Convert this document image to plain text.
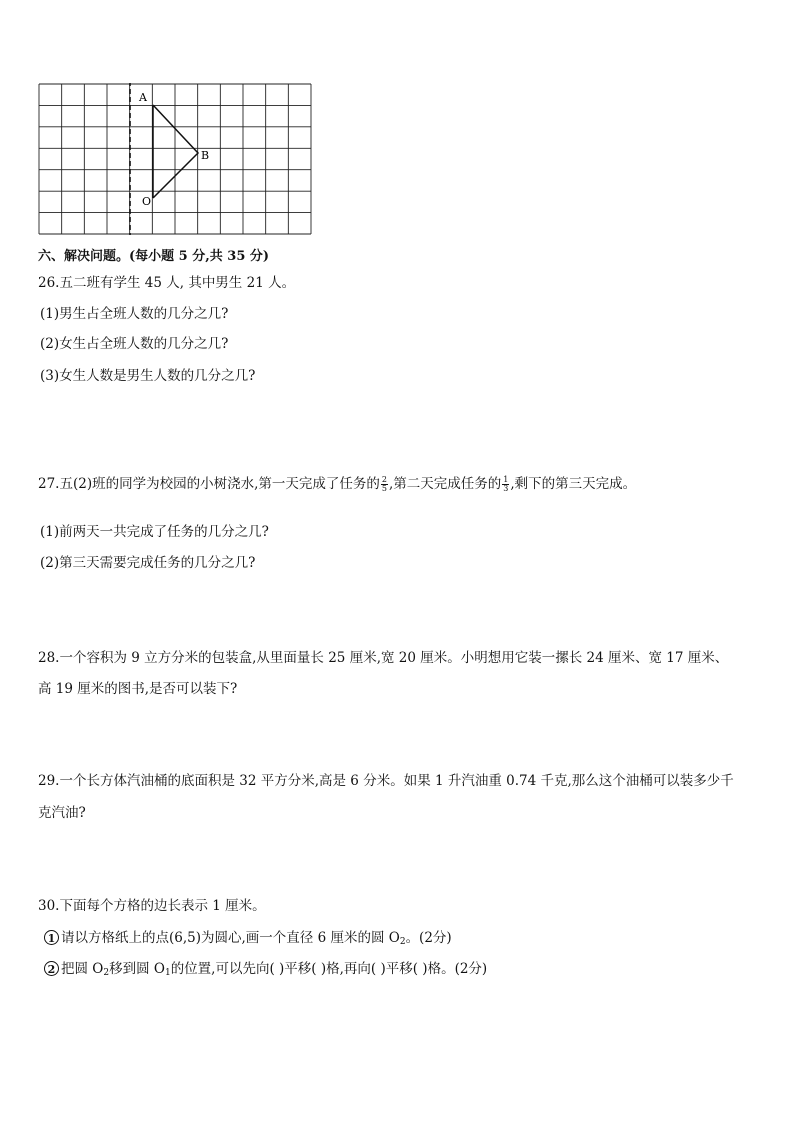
A
B
O
六、解决问题。(每小题 5 分,共 35 分)
26.五二班有学生 45 人, 其中男生 21 人。
(1)男生占全班人数的几分之几?
(2)女生占全班人数的几分之几?
(3)女生人数是男生人数的几分之几?
27.五(2)班的同学为校园的小树浇水,第一天完成了任务的 $\frac{2}{5}$ ,第二天完成任务的 $\frac{1}{3}$ ,剩下的第三天完成。
(1)前两天一共完成了任务的几分之几?
(2)第三天需要完成任务的几分之几?
28.一个容积为 9 立方分米的包装盒,从里面量长 25 厘米,宽 20 厘米。小明想用它装一摞长 24 厘米、宽 17 厘米、
高 19 厘米的图书,是否可以装下?
29.一个长方体汽油桶的底面积是 32 平方分米,高是 6 分米。如果 1 升汽油重 0.74 千克,那么这个油桶可以装多少千
克汽油?
30.下面每个方格的边长表示 1 厘米。
1 请以方格纸上的点(6,5)为圆心,画一个直径 6 厘米的圆 $O_2$。(2分)
2 把圆 $O_2$移到圆 $O_1$的位置,可以先向( )平移( )格,再向( )平移( )格。(2分)
